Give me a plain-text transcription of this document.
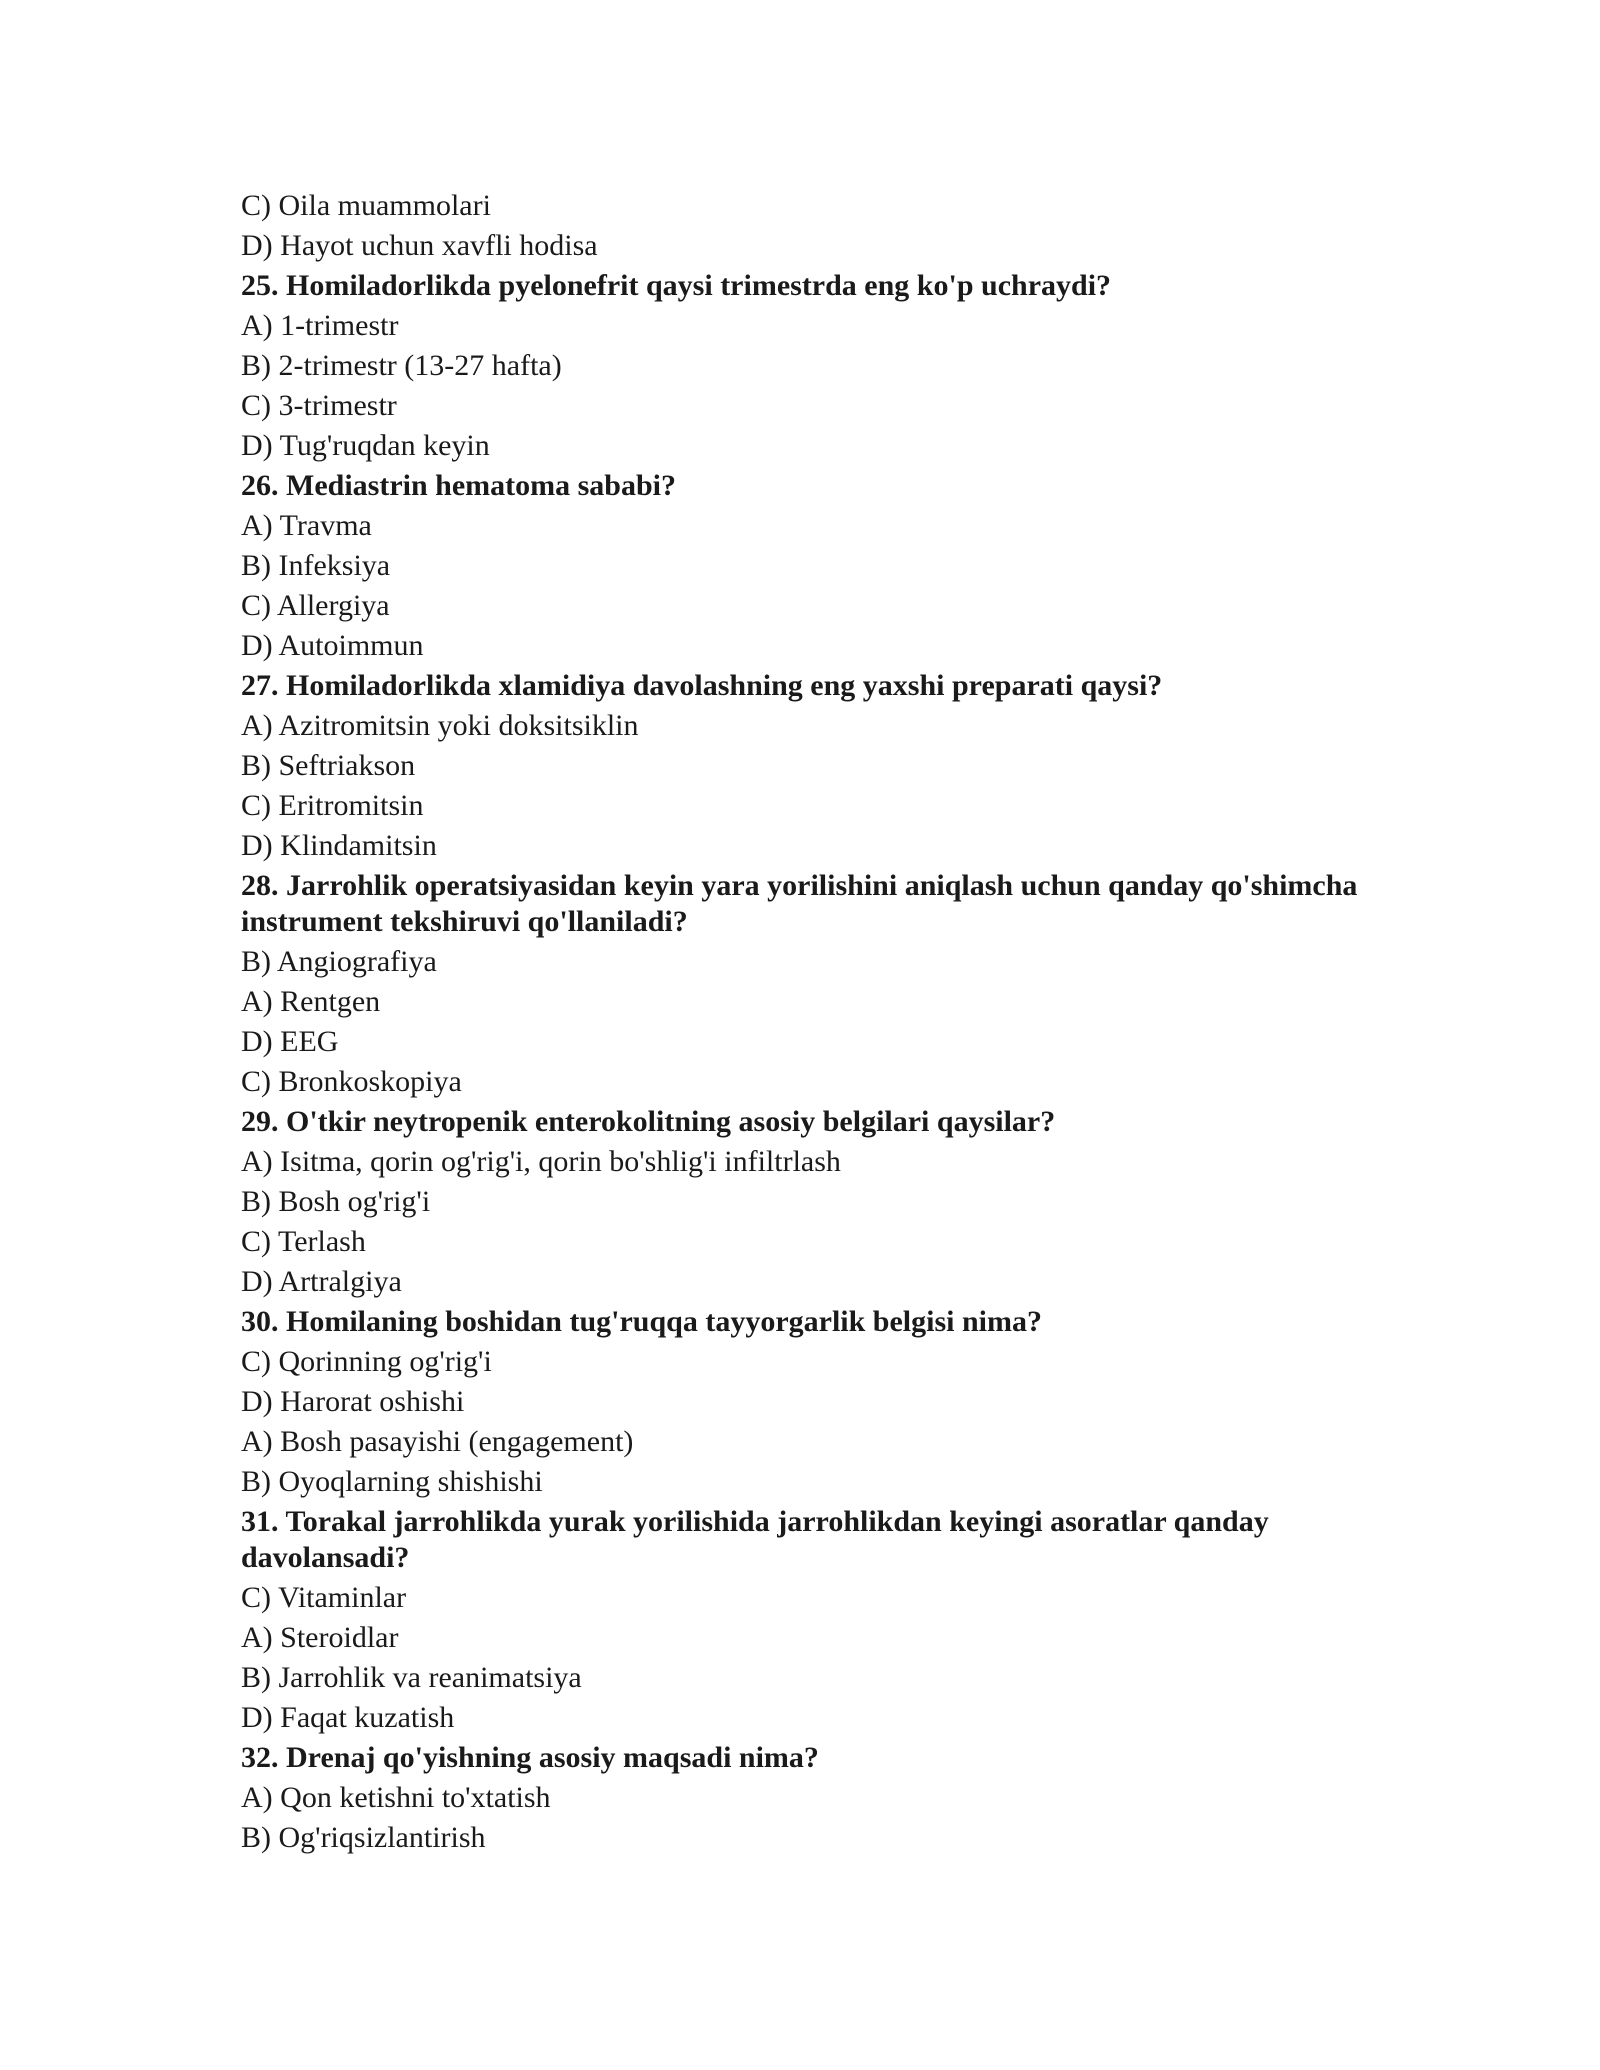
C) Oila muammolari
D) Hayot uchun xavfli hodisa
25. Homiladorlikda pyelonefrit qaysi trimestrda eng ko'p uchraydi?
A) 1-trimestr
B) 2-trimestr (13-27 hafta)
C) 3-trimestr
D) Tug'ruqdan keyin
26. Mediastrin hematoma sababi?
A) Travma
B) Infeksiya
C) Allergiya
D) Autoimmun
27. Homiladorlikda xlamidiya davolashning eng yaxshi preparati qaysi?
A) Azitromitsin yoki doksitsiklin
B) Seftriakson
C) Eritromitsin
D) Klindamitsin
28. Jarrohlik operatsiyasidan keyin yara yorilishini aniqlash uchun qanday qo'shimcha instrument tekshiruvi qo'llaniladi?
B) Angiografiya
A) Rentgen
D) EEG
C) Bronkoskopiya
29. O'tkir neytropenik enterokolitning asosiy belgilari qaysilar?
A) Isitma, qorin og'rig'i, qorin bo'shlig'i infiltrlash
B) Bosh og'rig'i
C) Terlash
D) Artralgiya
30. Homilaning boshidan tug'ruqqa tayyorgarlik belgisi nima?
C) Qorinning og'rig'i
D) Harorat oshishi
A) Bosh pasayishi (engagement)
B) Oyoqlarning shishishi
31. Torakal jarrohlikda yurak yorilishida jarrohlikdan keyingi asoratlar qanday davolansadi?
C) Vitaminlar
A) Steroidlar
B) Jarrohlik va reanimatsiya
D) Faqat kuzatish
32. Drenaj qo'yishning asosiy maqsadi nima?
A) Qon ketishni to'xtatish
B) Og'riqsizlantirish
